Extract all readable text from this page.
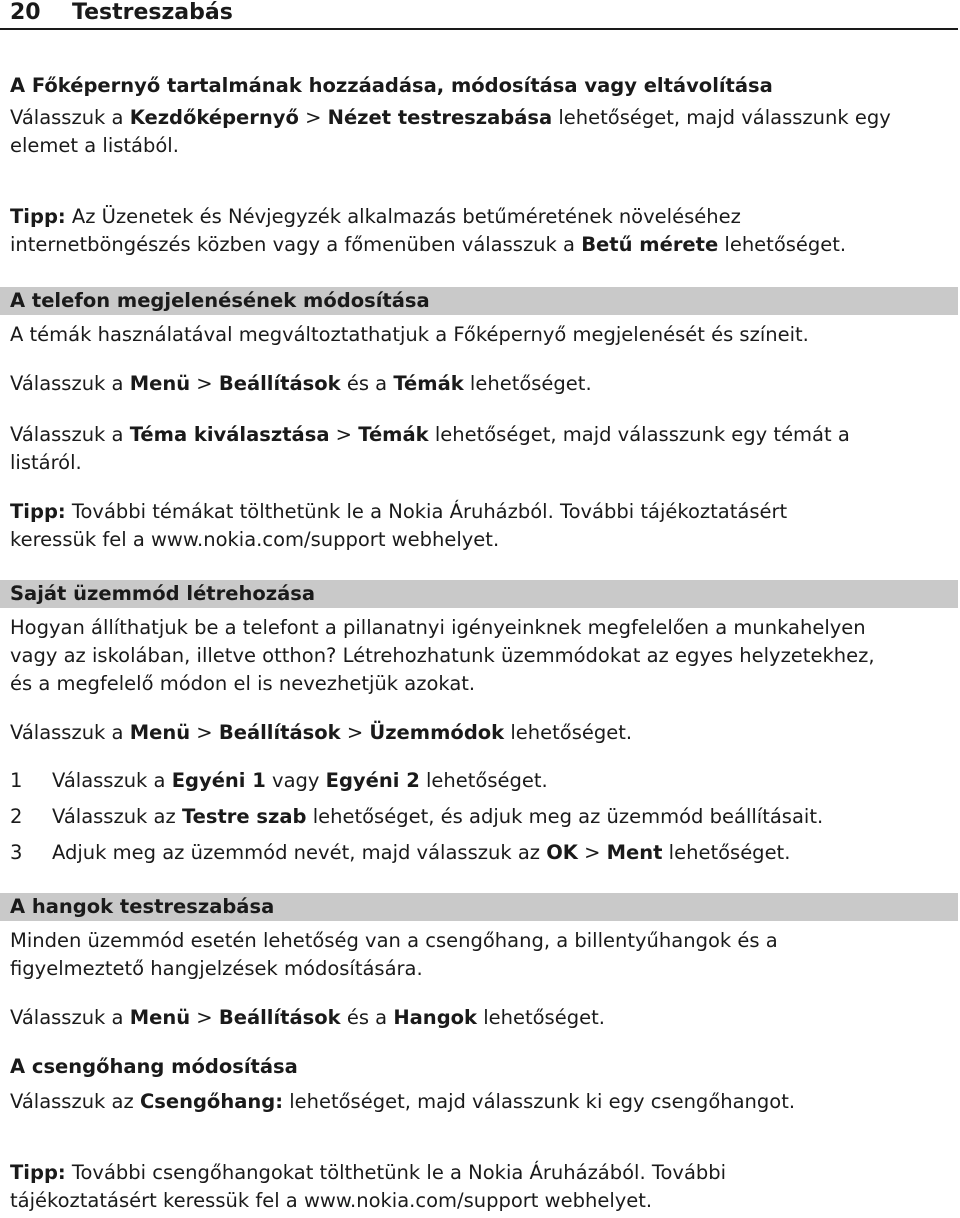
20 Testreszabás
A Főképernyő tartalmának hozzáadása, módosítása vagy eltávolítása
Válasszuk a Kezdőképernyő > Nézet testreszabása lehetőséget, majd válasszunk egy
elemet a listából.
Tipp: Az Üzenetek és Névjegyzék alkalmazás betűméretének növeléséhez
internetböngészés közben vagy a főmenüben válasszuk a Betű mérete lehetőséget.
A telefon megjelenésének módosítása
A témák használatával megváltoztathatjuk a Főképernyő megjelenését és színeit.
Válasszuk a Menü > Beállítások és a Témák lehetőséget.
Válasszuk a Téma kiválasztása > Témák lehetőséget, majd válasszunk egy témát a
listáról.
Tipp: További témákat tölthetünk le a Nokia Áruházból. További tájékoztatásért
keressük fel a www.nokia.com/support webhelyet.
Saját üzemmód létrehozása
Hogyan állíthatjuk be a telefont a pillanatnyi igényeinknek megfelelően a munkahelyen
vagy az iskolában, illetve otthon? Létrehozhatunk üzemmódokat az egyes helyzetekhez,
és a megfelelő módon el is nevezhetjük azokat.
Válasszuk a Menü > Beállítások > Üzemmódok lehetőséget.
1 Válasszuk a Egyéni 1 vagy Egyéni 2 lehetőséget.
2 Válasszuk az Testre szab lehetőséget, és adjuk meg az üzemmód beállításait.
3 Adjuk meg az üzemmód nevét, majd válasszuk az OK > Ment lehetőséget.
A hangok testreszabása
Minden üzemmód esetén lehetőség van a csengőhang, a billentyűhangok és a
figyelmeztető hangjelzések módosítására.
Válasszuk a Menü > Beállítások és a Hangok lehetőséget.
A csengőhang módosítása
Válasszuk az Csengőhang: lehetőséget, majd válasszunk ki egy csengőhangot.
Tipp: További csengőhangokat tölthetünk le a Nokia Áruházából. További
tájékoztatásért keressük fel a www.nokia.com/support webhelyet.
